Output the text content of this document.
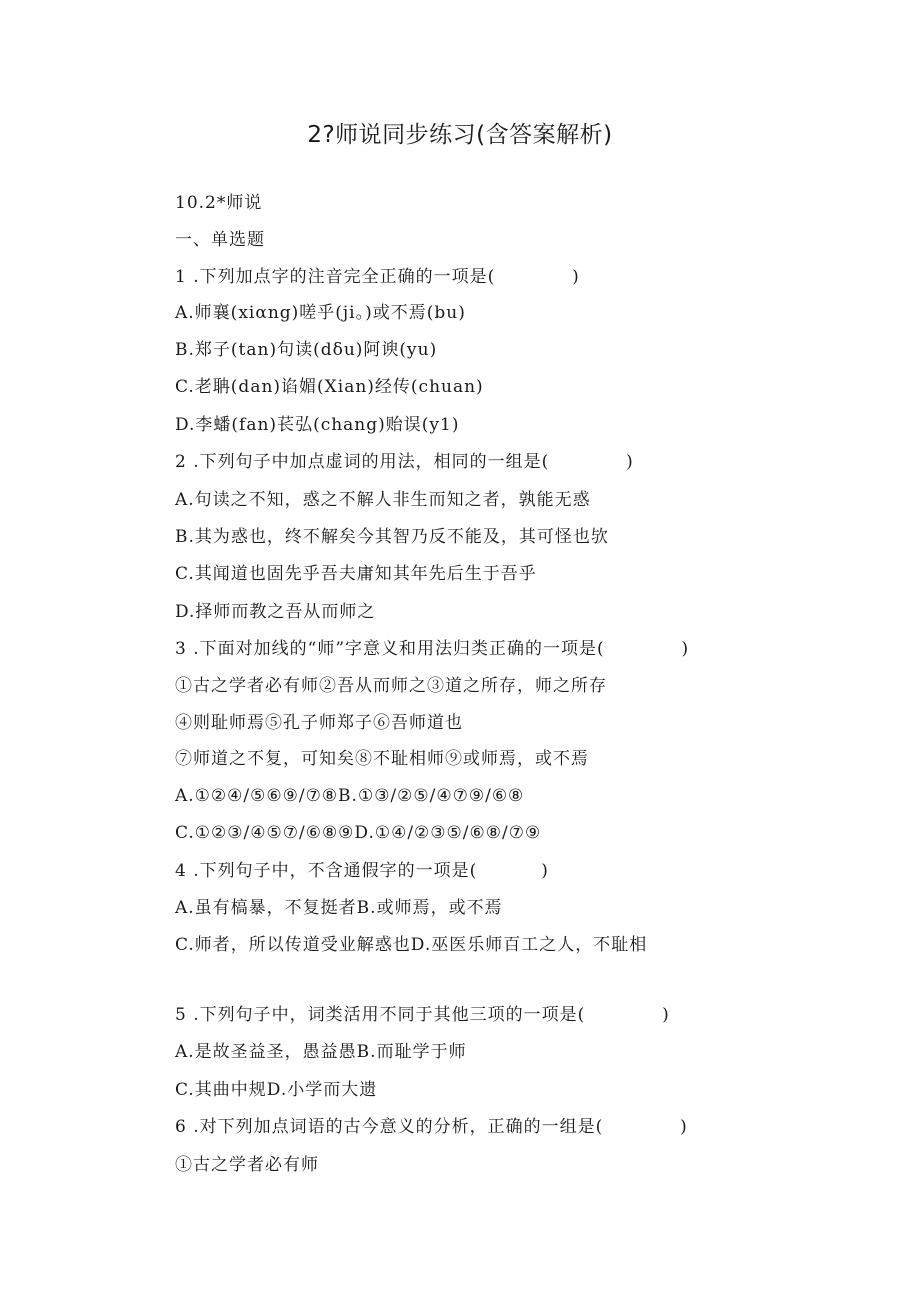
2?师说同步练习(含答案解析)
10.2*师说
一、单选题
1 .下列加点字的注音完全正确的一项是(            )
A.师襄(xiαng)嗟乎(ji。)或不焉(bu)
B.郑子(tan)句读(dδu)阿谀(yu)
C.老聃(dan)谄媚(Xian)经传(chuan)
D.李蟠(fan)苌弘(chang)贻误(y1)
2 .下列句子中加点虚词的用法，相同的一组是(            )
A.句读之不知，惑之不解人非生而知之者，孰能无惑
B.其为惑也，终不解矣今其智乃反不能及，其可怪也欤
C.其闻道也固先乎吾夫庸知其年先后生于吾乎
D.择师而教之吾从而师之
3 .下面对加线的“师”字意义和用法归类正确的一项是(            )
①古之学者必有师②吾从而师之③道之所存，师之所存
④则耻师焉⑤孔子师郑子⑥吾师道也
⑦师道之不复，可知矣⑧不耻相师⑨或师焉，或不焉
A.①②④/⑤⑥⑨/⑦⑧B.①③/②⑤/④⑦⑨/⑥⑧
C.①②③/④⑤⑦/⑥⑧⑨D.①④/②③⑤/⑥⑧/⑦⑨
4 .下列句子中，不含通假字的一项是(          )
A.虽有槁暴，不复挺者B.或师焉，或不焉
C.师者，所以传道受业解惑也D.巫医乐师百工之人，不耻相
5 .下列句子中，词类活用不同于其他三项的一项是(            )
A.是故圣益圣，愚益愚B.而耻学于师
C.其曲中规D.小学而大遗
6 .对下列加点词语的古今意义的分析，正确的一组是(            )
①古之学者必有师
